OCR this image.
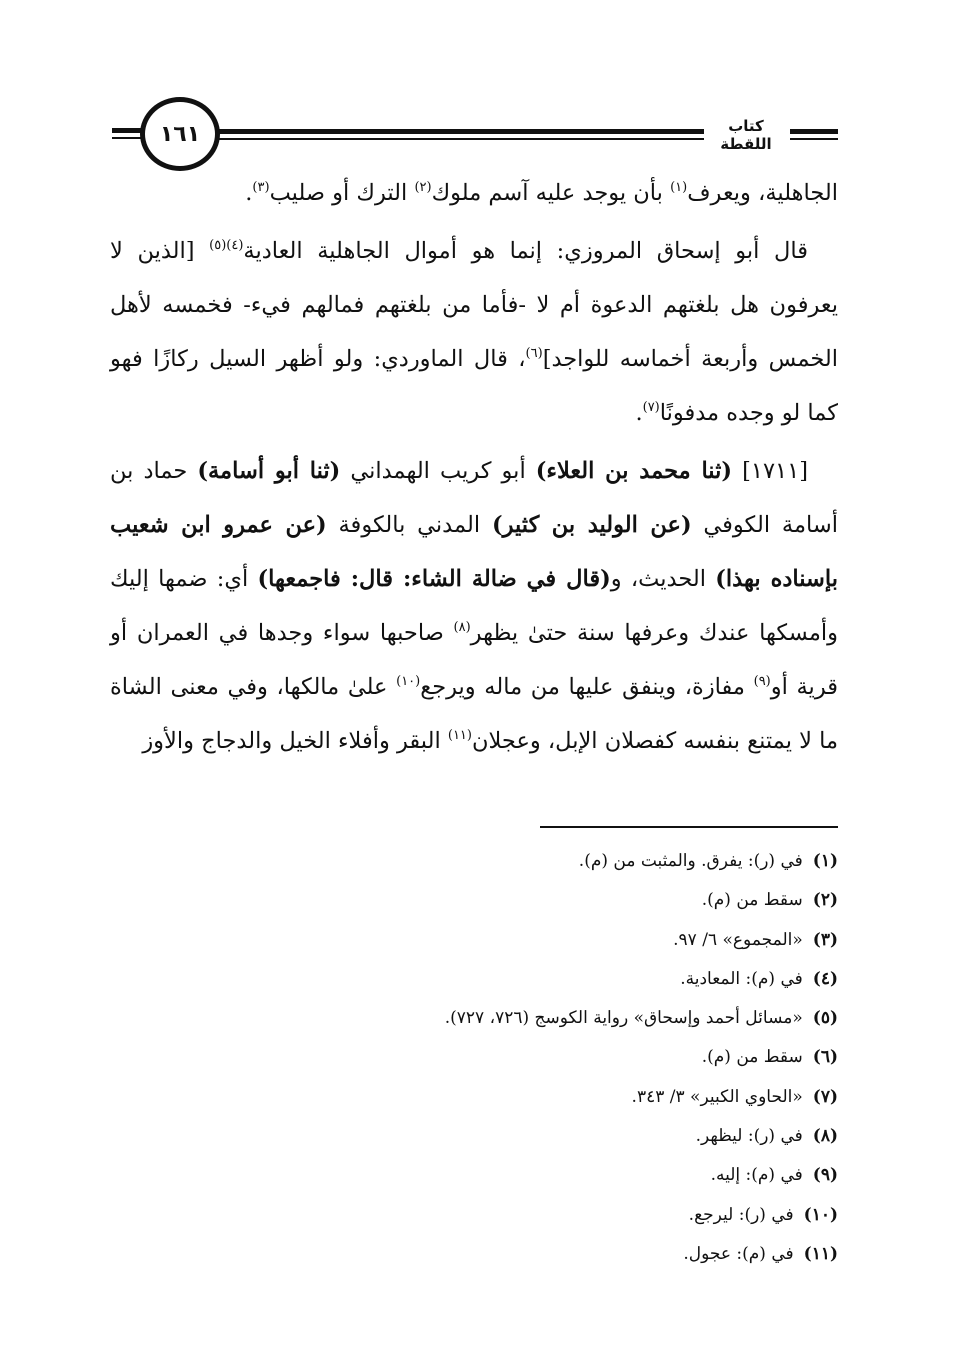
كتاب اللقطة
١٦١

الجاهلية، ويعرف$^{(١)}$ بأن يوجد عليه آسم ملوك$^{(٢)}$ الترك أو صليب$^{(٣)}$.

قال أبو إسحاق المروزي: إنما هو أموال الجاهلية العادية$^{(٤)(٥)}$ [الذين لا يعرفون هل بلغتهم الدعوة أم لا -فأما من بلغتهم فمالهم فيء- فخمسه لأهل الخمس وأربعة أخماسه للواجد]$^{(٦)}$، قال الماوردي: ولو أظهر السيل ركازًا فهو كما لو وجده مدفونًا$^{(٧)}$.

[١٧١١] (ثنا محمد بن العلاء) أبو كريب الهمداني (ثنا أبو أسامة) حماد بن أسامة الكوفي (عن الوليد بن كثير) المدني بالكوفة (عن عمرو ابن شعيب بإسناده بهذا) الحديث، و(قال في ضالة الشاء: قال: فاجمعها) أي: ضمها إليك وأمسكها عندك وعرفها سنة حتىٰ يظهر$^{(٨)}$ صاحبها سواء وجدها في العمران أو قرية أو$^{(٩)}$ مفازة، وينفق عليها من ماله ويرجع$^{(١٠)}$ علىٰ مالكها، وفي معنى الشاة ما لا يمتنع بنفسه كفصلان الإبل، وعجلان$^{(١١)}$ البقر وأفلاء الخيل والدجاج والأوز

(١)في (ر): يفرق. والمثبت من (م).
(٢)سقط من (م).
(٣)«المجموع» ٦/ ٩٧.
(٤)في (م): المعادية.
(٥)«مسائل أحمد وإسحاق» رواية الكوسج (٧٢٦، ٧٢٧).
(٦)سقط من (م).
(٧)«الحاوي الكبير» ٣/ ٣٤٣.
(٨)في (ر): ليظهر.
(٩)في (م): إليه.
(١٠)في (ر): ليرجع.
(١١)في (م): عجول.
